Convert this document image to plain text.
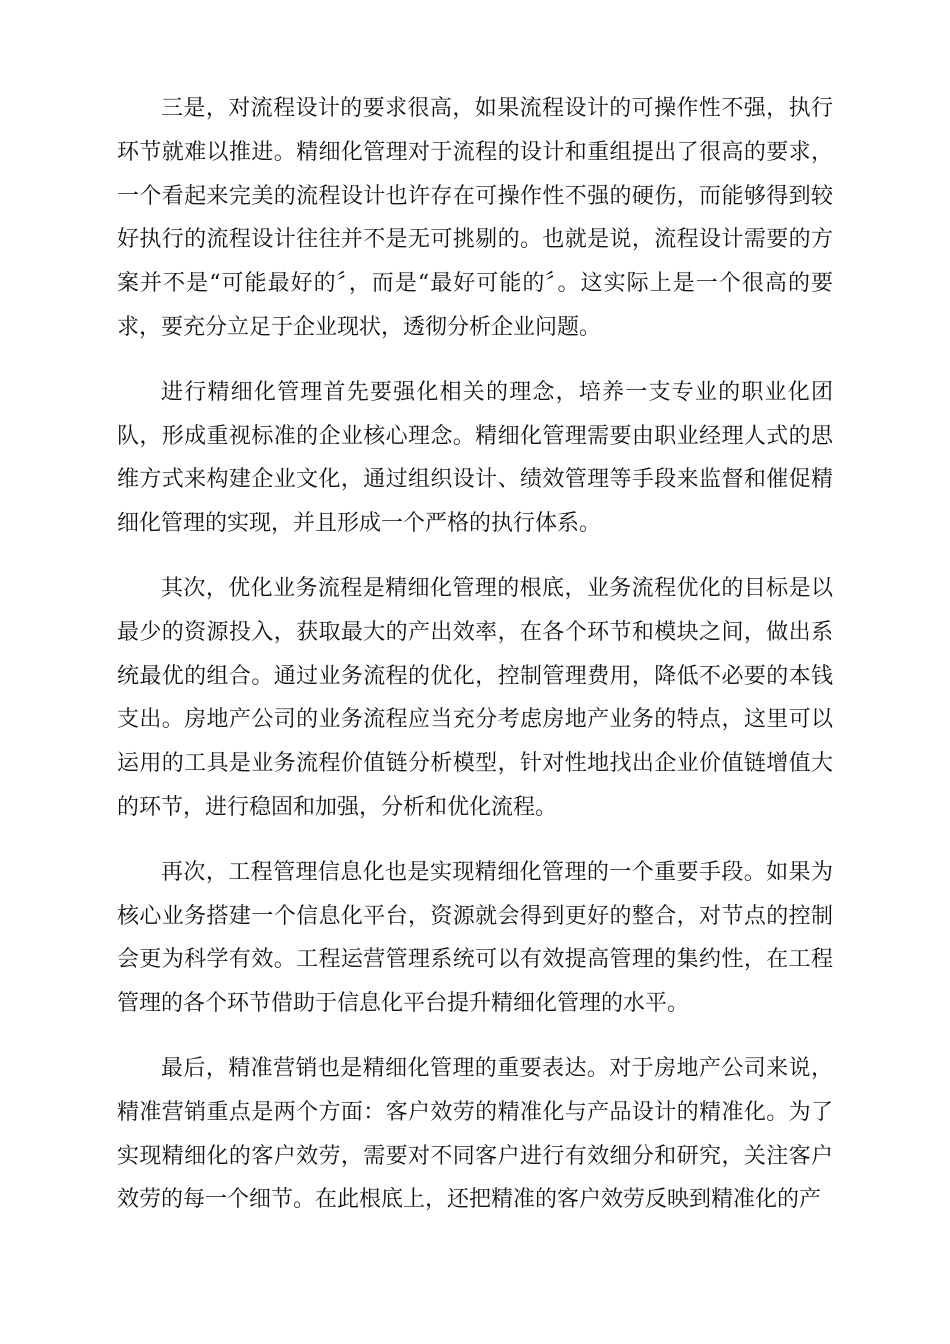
三是，对流程设计的要求很高，如果流程设计的可操作性不强，执行环节就难以推进。精细化管理对于流程的设计和重组提出了很高的要求，一个看起来完美的流程设计也许存在可操作性不强的硬伤，而能够得到较好执行的流程设计往往并不是无可挑剔的。也就是说，流程设计需要的方案并不是“可能最好的〞，而是“最好可能的〞。这实际上是一个很高的要求，要充分立足于企业现状，透彻分析企业问题。

进行精细化管理首先要强化相关的理念，培养一支专业的职业化团队，形成重视标准的企业核心理念。精细化管理需要由职业经理人式的思维方式来构建企业文化，通过组织设计、绩效管理等手段来监督和催促精细化管理的实现，并且形成一个严格的执行体系。

其次，优化业务流程是精细化管理的根底，业务流程优化的目标是以最少的资源投入，获取最大的产出效率，在各个环节和模块之间，做出系统最优的组合。通过业务流程的优化，控制管理费用，降低不必要的本钱支出。房地产公司的业务流程应当充分考虑房地产业务的特点，这里可以运用的工具是业务流程价值链分析模型，针对性地找出企业价值链增值大的环节，进行稳固和加强，分析和优化流程。

再次，工程管理信息化也是实现精细化管理的一个重要手段。如果为核心业务搭建一个信息化平台，资源就会得到更好的整合，对节点的控制会更为科学有效。工程运营管理系统可以有效提高管理的集约性，在工程管理的各个环节借助于信息化平台提升精细化管理的水平。

最后，精准营销也是精细化管理的重要表达。对于房地产公司来说，精准营销重点是两个方面：客户效劳的精准化与产品设计的精准化。为了实现精细化的客户效劳，需要对不同客户进行有效细分和研究，关注客户效劳的每一个细节。在此根底上，还把精准的客户效劳反映到精准化的产
